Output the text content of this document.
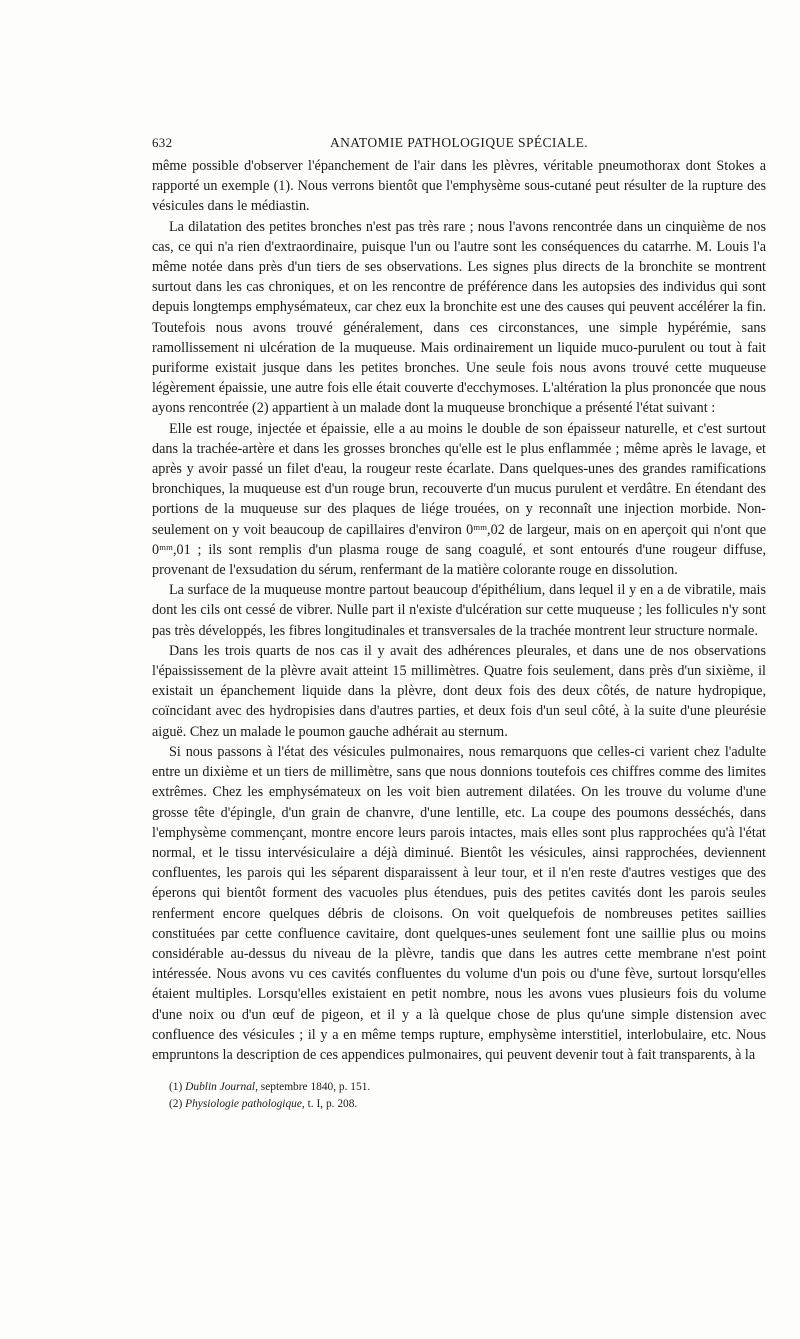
632	ANATOMIE PATHOLOGIQUE SPÉCIALE.

même possible d'observer l'épanchement de l'air dans les plèvres, véritable pneumothorax dont Stokes a rapporté un exemple (1). Nous verrons bientôt que l'emphysème sous-cutané peut résulter de la rupture des vésicules dans le médiastin.

La dilatation des petites bronches n'est pas très rare ; nous l'avons rencontrée dans un cinquième de nos cas, ce qui n'a rien d'extraordinaire, puisque l'un ou l'autre sont les conséquences du catarrhe. M. Louis l'a même notée dans près d'un tiers de ses observations. Les signes plus directs de la bronchite se montrent surtout dans les cas chroniques, et on les rencontre de préférence dans les autopsies des individus qui sont depuis longtemps emphysémateux, car chez eux la bronchite est une des causes qui peuvent accélérer la fin. Toutefois nous avons trouvé généralement, dans ces circonstances, une simple hypérémie, sans ramollissement ni ulcération de la muqueuse. Mais ordinairement un liquide muco-purulent ou tout à fait puriforme existait jusque dans les petites bronches. Une seule fois nous avons trouvé cette muqueuse légèrement épaissie, une autre fois elle était couverte d'ecchymoses. L'altération la plus prononcée que nous ayons rencontrée (2) appartient à un malade dont la muqueuse bronchique a présenté l'état suivant :

Elle est rouge, injectée et épaissie, elle a au moins le double de son épaisseur naturelle, et c'est surtout dans la trachée-artère et dans les grosses bronches qu'elle est le plus enflammée ; même après le lavage, et après y avoir passé un filet d'eau, la rougeur reste écarlate. Dans quelques-unes des grandes ramifications bronchiques, la muqueuse est d'un rouge brun, recouverte d'un mucus purulent et verdâtre. En étendant des portions de la muqueuse sur des plaques de liége trouées, on y reconnaît une injection morbide. Non-seulement on y voit beaucoup de capillaires d'environ 0ᵐᵐ,02 de largeur, mais on en aperçoit qui n'ont que 0ᵐᵐ,01 ; ils sont remplis d'un plasma rouge de sang coagulé, et sont entourés d'une rougeur diffuse, provenant de l'exsudation du sérum, renfermant de la matière colorante rouge en dissolution.

La surface de la muqueuse montre partout beaucoup d'épithélium, dans lequel il y en a de vibratile, mais dont les cils ont cessé de vibrer. Nulle part il n'existe d'ulcération sur cette muqueuse ; les follicules n'y sont pas très développés, les fibres longitudinales et transversales de la trachée montrent leur structure normale.

Dans les trois quarts de nos cas il y avait des adhérences pleurales, et dans une de nos observations l'épaississement de la plèvre avait atteint 15 millimètres. Quatre fois seulement, dans près d'un sixième, il existait un épanchement liquide dans la plèvre, dont deux fois des deux côtés, de nature hydropique, coïncidant avec des hydropisies dans d'autres parties, et deux fois d'un seul côté, à la suite d'une pleurésie aiguë. Chez un malade le poumon gauche adhérait au sternum.

Si nous passons à l'état des vésicules pulmonaires, nous remarquons que celles-ci varient chez l'adulte entre un dixième et un tiers de millimètre, sans que nous donnions toutefois ces chiffres comme des limites extrêmes. Chez les emphysémateux on les voit bien autrement dilatées. On les trouve du volume d'une grosse tête d'épingle, d'un grain de chanvre, d'une lentille, etc. La coupe des poumons desséchés, dans l'emphysème commençant, montre encore leurs parois intactes, mais elles sont plus rapprochées qu'à l'état normal, et le tissu intervésiculaire a déjà diminué. Bientôt les vésicules, ainsi rapprochées, deviennent confluentes, les parois qui les séparent disparaissent à leur tour, et il n'en reste d'autres vestiges que des éperons qui bientôt forment des vacuoles plus étendues, puis des petites cavités dont les parois seules renferment encore quelques débris de cloisons. On voit quelquefois de nombreuses petites saillies constituées par cette confluence cavitaire, dont quelques-unes seulement font une saillie plus ou moins considérable au-dessus du niveau de la plèvre, tandis que dans les autres cette membrane n'est point intéressée. Nous avons vu ces cavités confluentes du volume d'un pois ou d'une fève, surtout lorsqu'elles étaient multiples. Lorsqu'elles existaient en petit nombre, nous les avons vues plusieurs fois du volume d'une noix ou d'un œuf de pigeon, et il y a là quelque chose de plus qu'une simple distension avec confluence des vésicules ; il y a en même temps rupture, emphysème interstitiel, interlobulaire, etc. Nous empruntons la description de ces appendices pulmonaires, qui peuvent devenir tout à fait transparents, à la

(1) Dublin Journal, septembre 1840, p. 151.

(2) Physiologie pathologique, t. I, p. 208.
